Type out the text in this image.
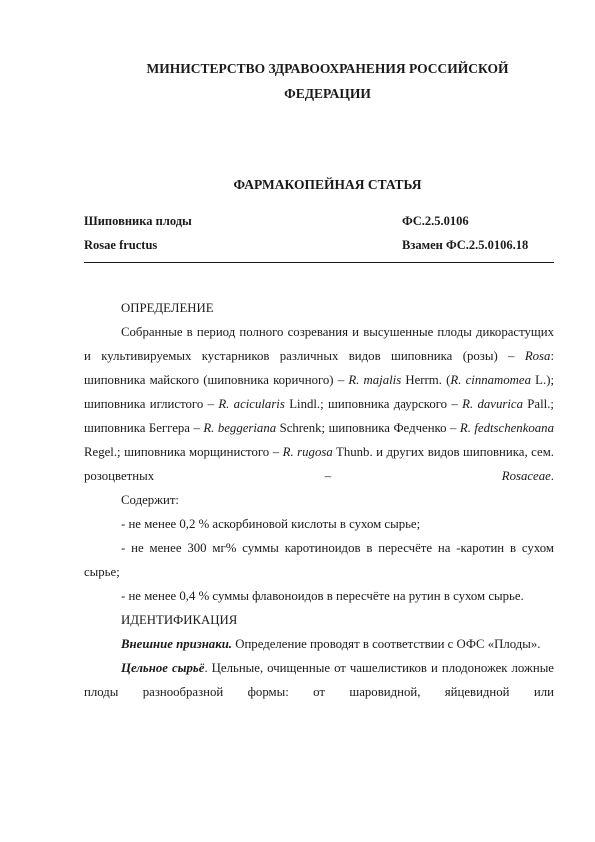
МИНИСТЕРСТВО ЗДРАВООХРАНЕНИЯ РОССИЙСКОЙ
ФЕДЕРАЦИИ
ФАРМАКОПЕЙНАЯ СТАТЬЯ
Шиповника плоды	ФС.2.5.0106
Rosae fructus	Взамен ФС.2.5.0106.18

ОПРЕДЕЛЕНИЕ

Собранные в период полного созревания и высушенные плоды дикорастущих и культивируемых кустарников различных видов шиповника (розы) – Rosa: шиповника майского (шиповника коричного) – R. majalis Herrm. (R. cinnamomea L.); шиповника иглистого – R. acicularis Lindl.; шиповника даурского – R. davurica Pall.; шиповника Беггера – R. beggeriana Schrenk; шиповника Федченко – R. fedtschenkoana Regel.; шиповника морщинистого – R. rugosa Thunb. и других видов шиповника, сем. розоцветных – Rosaceae.

Содержит:

- не менее 0,2 % аскорбиновой кислоты в сухом сырье;

- не менее 300 мг% суммы каротиноидов в пересчёте на -каротин в сухом сырье;

- не менее 0,4 % суммы флавоноидов в пересчёте на рутин в сухом сырье.

ИДЕНТИФИКАЦИЯ

Внешние признаки. Определение проводят в соответствии с ОФС «Плоды».

Цельное сырьё. Цельные, очищенные от чашелистиков и плодоножек ложные плоды разнообразной формы: от шаровидной, яйцевидной или
